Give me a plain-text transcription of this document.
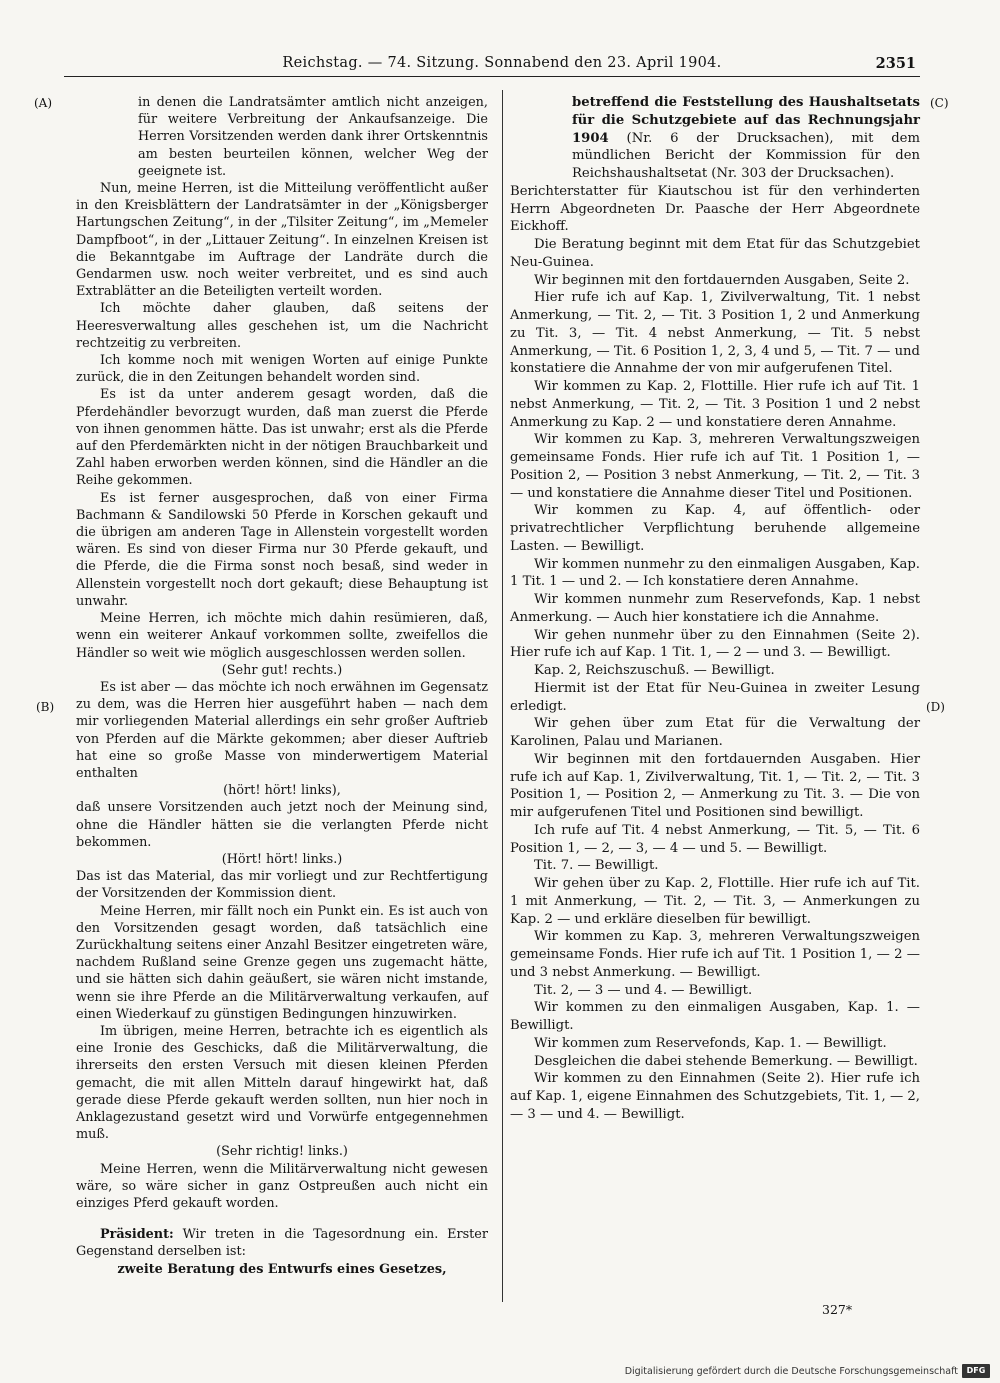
Reichstag. — 74. Sitzung. Sonnabend den 23. April 1904.	2351
(A)
(B)
(C)
(D)

in denen die Landratsämter amtlich nicht anzeigen, für weitere Verbreitung der Ankaufsanzeige. Die Herren Vorsitzenden werden dank ihrer Ortskenntnis am besten beurteilen können, welcher Weg der geeignete ist.

Nun, meine Herren, ist die Mitteilung veröffentlicht außer in den Kreisblättern der Landratsämter in der „Königsberger Hartungschen Zeitung“, in der „Tilsiter Zeitung“, im „Memeler Dampfboot“, in der „Littauer Zeitung“. In einzelnen Kreisen ist die Bekanntgabe im Auftrage der Landräte durch die Gendarmen usw. noch weiter verbreitet, und es sind auch Extrablätter an die Beteiligten verteilt worden.

Ich möchte daher glauben, daß seitens der Heeresverwaltung alles geschehen ist, um die Nachricht rechtzeitig zu verbreiten.

Ich komme noch mit wenigen Worten auf einige Punkte zurück, die in den Zeitungen behandelt worden sind.

Es ist da unter anderem gesagt worden, daß die Pferdehändler bevorzugt wurden, daß man zuerst die Pferde von ihnen genommen hätte. Das ist unwahr; erst als die Pferde auf den Pferdemärkten nicht in der nötigen Brauchbarkeit und Zahl haben erworben werden können, sind die Händler an die Reihe gekommen.

Es ist ferner ausgesprochen, daß von einer Firma Bachmann & Sandilowski 50 Pferde in Korschen gekauft und die übrigen am anderen Tage in Allenstein vorgestellt worden wären. Es sind von dieser Firma nur 30 Pferde gekauft, und die Pferde, die die Firma sonst noch besaß, sind weder in Allenstein vorgestellt noch dort gekauft; diese Behauptung ist unwahr.

Meine Herren, ich möchte mich dahin resümieren, daß, wenn ein weiterer Ankauf vorkommen sollte, zweifellos die Händler so weit wie möglich ausgeschlossen werden sollen.

(Sehr gut! rechts.)

Es ist aber — das möchte ich noch erwähnen im Gegensatz zu dem, was die Herren hier ausgeführt haben — nach dem mir vorliegenden Material allerdings ein sehr großer Auftrieb von Pferden auf die Märkte gekommen; aber dieser Auftrieb hat eine so große Masse von minderwertigem Material enthalten

(hört! hört! links),

daß unsere Vorsitzenden auch jetzt noch der Meinung sind, ohne die Händler hätten sie die verlangten Pferde nicht bekommen.

(Hört! hört! links.)

Das ist das Material, das mir vorliegt und zur Rechtfertigung der Vorsitzenden der Kommission dient.

Meine Herren, mir fällt noch ein Punkt ein. Es ist auch von den Vorsitzenden gesagt worden, daß tatsächlich eine Zurückhaltung seitens einer Anzahl Besitzer eingetreten wäre, nachdem Rußland seine Grenze gegen uns zugemacht hätte, und sie hätten sich dahin geäußert, sie wären nicht imstande, wenn sie ihre Pferde an die Militärverwaltung verkaufen, auf einen Wiederkauf zu günstigen Bedingungen hinzuwirken.

Im übrigen, meine Herren, betrachte ich es eigentlich als eine Ironie des Geschicks, daß die Militärverwaltung, die ihrerseits den ersten Versuch mit diesen kleinen Pferden gemacht, die mit allen Mitteln darauf hingewirkt hat, daß gerade diese Pferde gekauft werden sollten, nun hier noch in Anklagezustand gesetzt wird und Vorwürfe entgegennehmen muß.

(Sehr richtig! links.)

Meine Herren, wenn die Militärverwaltung nicht gewesen wäre, so wäre sicher in ganz Ostpreußen auch nicht ein einziges Pferd gekauft worden.

Präsident: Wir treten in die Tagesordnung ein. Erster Gegenstand derselben ist:

zweite Beratung des Entwurfs eines Gesetzes,

betreffend die Feststellung des Haushaltsetats für die Schutzgebiete auf das Rechnungsjahr 1904 (Nr. 6 der Drucksachen), mit dem mündlichen Bericht der Kommission für den Reichshaushaltsetat (Nr. 303 der Drucksachen).

Berichterstatter für Kiautschou ist für den verhinderten Herrn Abgeordneten Dr. Paasche der Herr Abgeordnete Eickhoff.

Die Beratung beginnt mit dem Etat für das Schutzgebiet Neu-Guinea.

Wir beginnen mit den fortdauernden Ausgaben, Seite 2.

Hier rufe ich auf Kap. 1, Zivilverwaltung, Tit. 1 nebst Anmerkung, — Tit. 2, — Tit. 3 Position 1, 2 und Anmerkung zu Tit. 3, — Tit. 4 nebst Anmerkung, — Tit. 5 nebst Anmerkung, — Tit. 6 Position 1, 2, 3, 4 und 5, — Tit. 7 — und konstatiere die Annahme der von mir aufgerufenen Titel.

Wir kommen zu Kap. 2, Flottille. Hier rufe ich auf Tit. 1 nebst Anmerkung, — Tit. 2, — Tit. 3 Position 1 und 2 nebst Anmerkung zu Kap. 2 — und konstatiere deren Annahme.

Wir kommen zu Kap. 3, mehreren Verwaltungszweigen gemeinsame Fonds. Hier rufe ich auf Tit. 1 Position 1, — Position 2, — Position 3 nebst Anmerkung, — Tit. 2, — Tit. 3 — und konstatiere die Annahme dieser Titel und Positionen.

Wir kommen zu Kap. 4, auf öffentlich- oder privatrechtlicher Verpflichtung beruhende allgemeine Lasten. — Bewilligt.

Wir kommen nunmehr zu den einmaligen Ausgaben, Kap. 1 Tit. 1 — und 2. — Ich konstatiere deren Annahme.

Wir kommen nunmehr zum Reservefonds, Kap. 1 nebst Anmerkung. — Auch hier konstatiere ich die Annahme.

Wir gehen nunmehr über zu den Einnahmen (Seite 2). Hier rufe ich auf Kap. 1 Tit. 1, — 2 — und 3. — Bewilligt.

Kap. 2, Reichszuschuß. — Bewilligt.

Hiermit ist der Etat für Neu-Guinea in zweiter Lesung erledigt.

Wir gehen über zum Etat für die Verwaltung der Karolinen, Palau und Marianen.

Wir beginnen mit den fortdauernden Ausgaben. Hier rufe ich auf Kap. 1, Zivilverwaltung, Tit. 1, — Tit. 2, — Tit. 3 Position 1, — Position 2, — Anmerkung zu Tit. 3. — Die von mir aufgerufenen Titel und Positionen sind bewilligt.

Ich rufe auf Tit. 4 nebst Anmerkung, — Tit. 5, — Tit. 6 Position 1, — 2, — 3, — 4 — und 5. — Bewilligt.

Tit. 7. — Bewilligt.

Wir gehen über zu Kap. 2, Flottille. Hier rufe ich auf Tit. 1 mit Anmerkung, — Tit. 2, — Tit. 3, — Anmerkungen zu Kap. 2 — und erkläre dieselben für bewilligt.

Wir kommen zu Kap. 3, mehreren Verwaltungszweigen gemeinsame Fonds. Hier rufe ich auf Tit. 1 Position 1, — 2 — und 3 nebst Anmerkung. — Bewilligt.

Tit. 2, — 3 — und 4. — Bewilligt.

Wir kommen zu den einmaligen Ausgaben, Kap. 1. — Bewilligt.

Wir kommen zum Reservefonds, Kap. 1. — Bewilligt.

Desgleichen die dabei stehende Bemerkung. — Bewilligt.

Wir kommen zu den Einnahmen (Seite 2). Hier rufe ich auf Kap. 1, eigene Einnahmen des Schutzgebiets, Tit. 1, — 2, — 3 — und 4. — Bewilligt.

327*
Digitalisierung gefördert durch die Deutsche Forschungsgemeinschaft	DFG
